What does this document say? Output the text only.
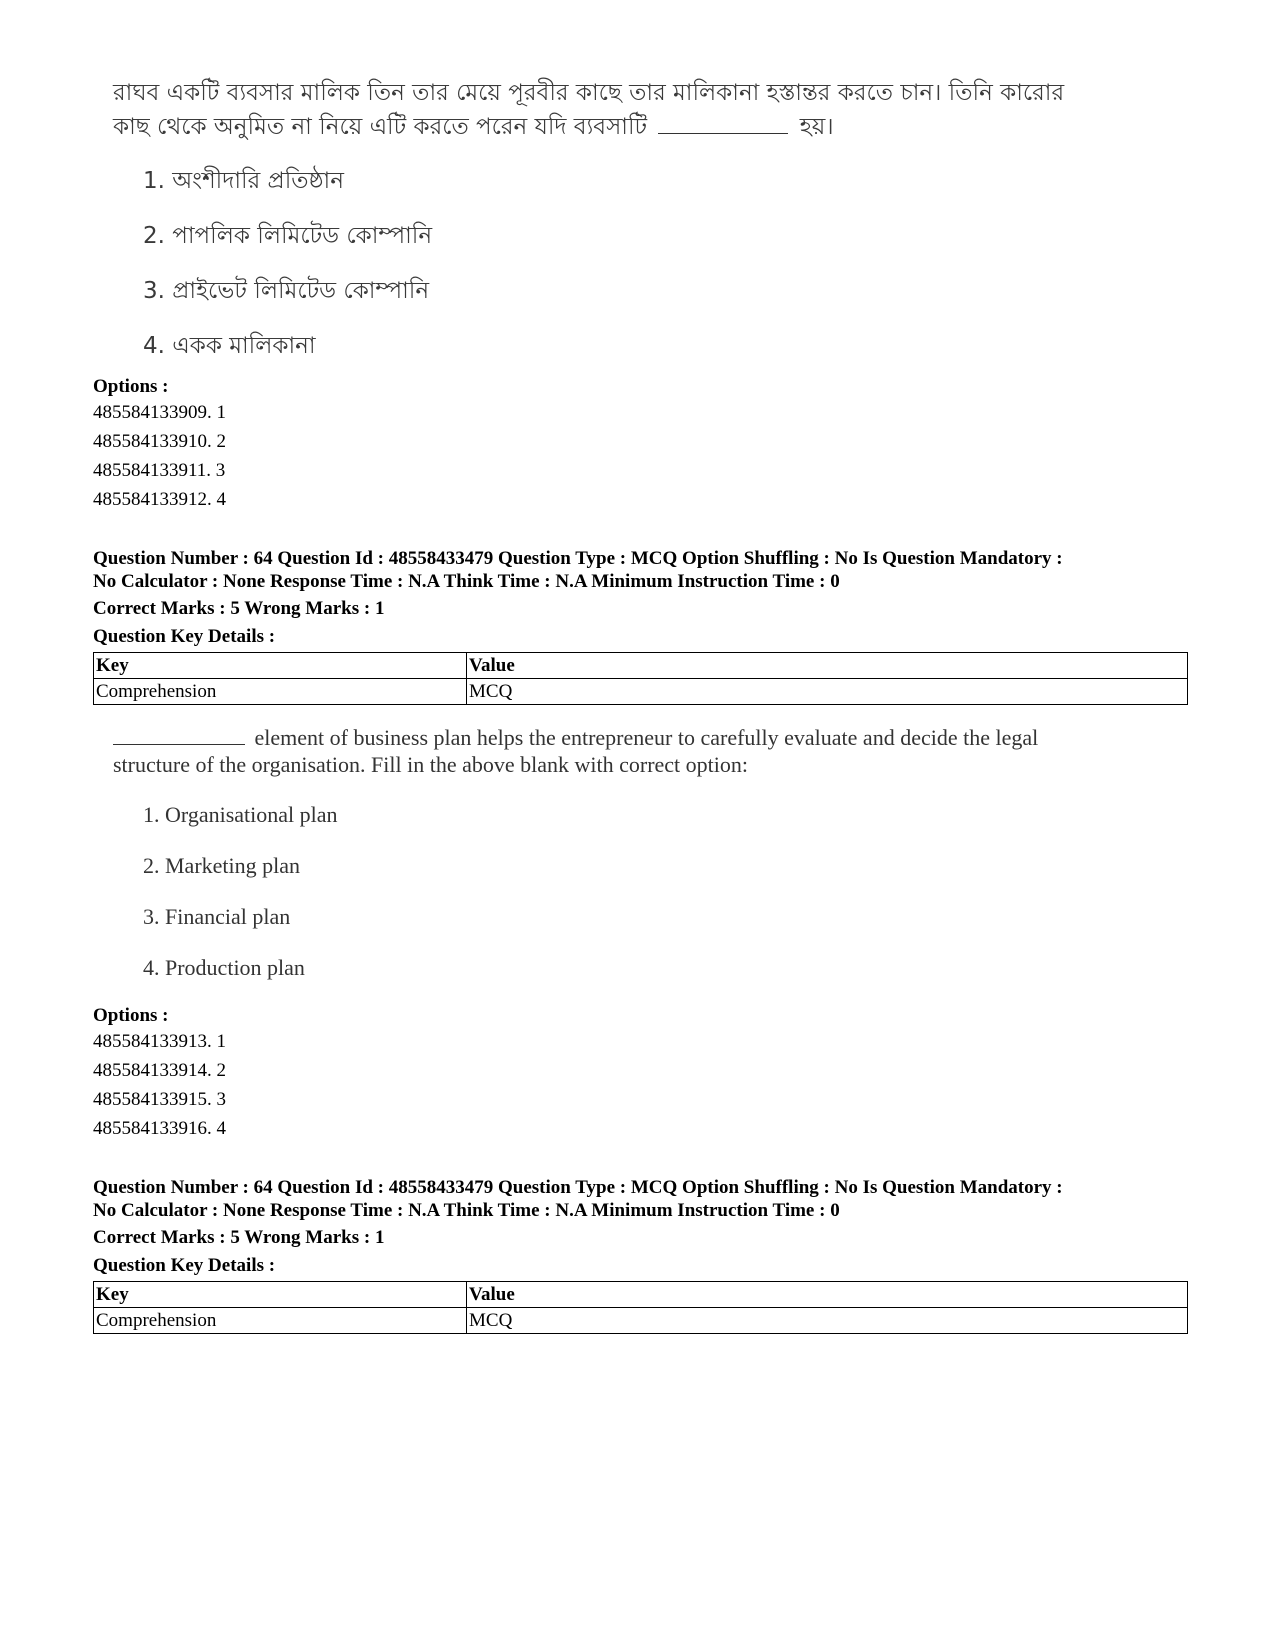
রাঘব একটি ব্যবসার মালিক তিন তার মেয়ে পূরবীর কাছে তার মালিকানা হস্তান্তর করতে চান। তিনি কারোর
কাছ থেকে অনুমিত না নিয়ে এটি করতে পরেন যদি ব্যবসাটি	হয়।
1. অংশীদারি প্রতিষ্ঠান
2. পাপলিক লিমিটেড কোম্পানি
3. প্রাইভেট লিমিটেড কোম্পানি
4. একক মালিকানা
Options :
485584133909. 1
485584133910. 2
485584133911. 3
485584133912. 4
Question Number : 64 Question Id : 48558433479 Question Type : MCQ Option Shuffling : No Is Question Mandatory :
No Calculator : None Response Time : N.A Think Time : N.A Minimum Instruction Time : 0
Correct Marks : 5 Wrong Marks : 1
Question Key Details :
Key	Value
Comprehension	MCQ
element of business plan helps the entrepreneur to carefully evaluate and decide the legal
structure of the organisation. Fill in the above blank with correct option:
1. Organisational plan
2. Marketing plan
3. Financial plan
4. Production plan
Options :
485584133913. 1
485584133914. 2
485584133915. 3
485584133916. 4
Question Number : 64 Question Id : 48558433479 Question Type : MCQ Option Shuffling : No Is Question Mandatory :
No Calculator : None Response Time : N.A Think Time : N.A Minimum Instruction Time : 0
Correct Marks : 5 Wrong Marks : 1
Question Key Details :
Key	Value
Comprehension	MCQ
